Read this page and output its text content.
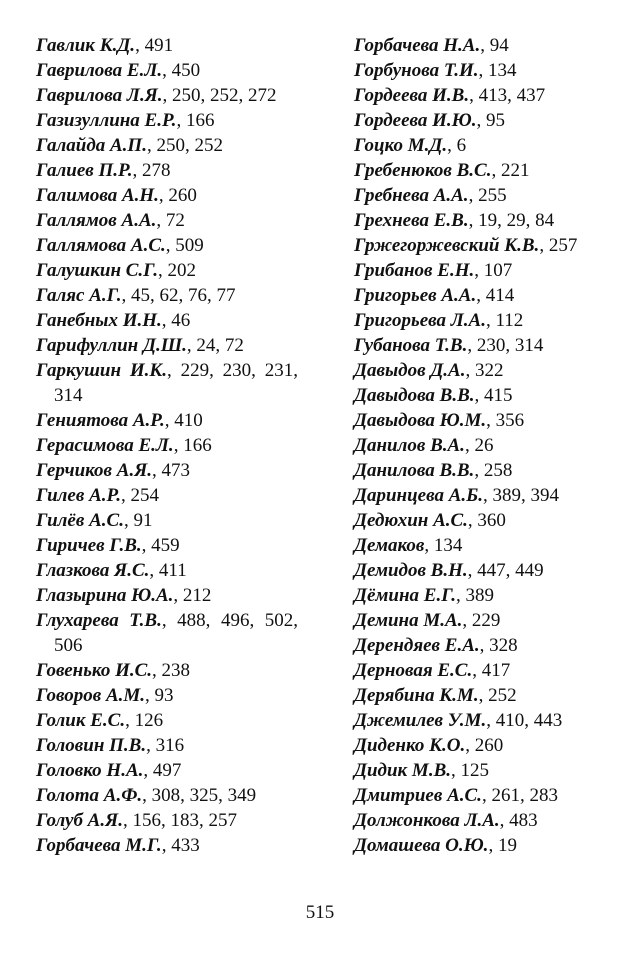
Гавлик К.Д., 491

Гаврилова Е.Л., 450

Гаврилова Л.Я., 250, 252, 272

Газизуллина Е.Р., 166

Галайда А.П., 250, 252

Галиев П.Р., 278

Галимова А.Н., 260

Галлямов А.А., 72

Галлямова А.С., 509

Галушкин С.Г., 202

Галяс А.Г., 45, 62, 76, 77

Ганебных И.Н., 46

Гарифуллин Д.Ш., 24, 72

Гаркушин И.К., 229, 230, 231, 314

Гениятова А.Р., 410

Герасимова Е.Л., 166

Герчиков А.Я., 473

Гилев А.Р., 254

Гилёв А.С., 91

Гиричев Г.В., 459

Глазкова Я.С., 411

Глазырина Ю.А., 212

Глухарева Т.В., 488, 496, 502, 506

Говенько И.С., 238

Говоров А.М., 93

Голик Е.С., 126

Головин П.В., 316

Головко Н.А., 497

Голота А.Ф., 308, 325, 349

Голуб А.Я., 156, 183, 257

Горбачева М.Г., 433

Горбачева Н.А., 94

Горбунова Т.И., 134

Гордеева И.В., 413, 437

Гордеева И.Ю., 95

Гоцко М.Д., 6

Гребенюков В.С., 221

Гребнева А.А., 255

Грехнева Е.В., 19, 29, 84

Гржегоржевский К.В., 257

Грибанов Е.Н., 107

Григорьев А.А., 414

Григорьева Л.А., 112

Губанова Т.В., 230, 314

Давыдов Д.А., 322

Давыдова В.В., 415

Давыдова Ю.М., 356

Данилов В.А., 26

Данилова В.В., 258

Даринцева А.Б., 389, 394

Дедюхин А.С., 360

Демаков, 134

Демидов В.Н., 447, 449

Дёмина Е.Г., 389

Демина М.А., 229

Дерендяев Е.А., 328

Дерновая Е.С., 417

Дерябина К.М., 252

Джемилев У.М., 410, 443

Диденко К.О., 260

Дидик М.В., 125

Дмитриев А.С., 261, 283

Должонкова Л.А., 483

Домашева О.Ю., 19

515
